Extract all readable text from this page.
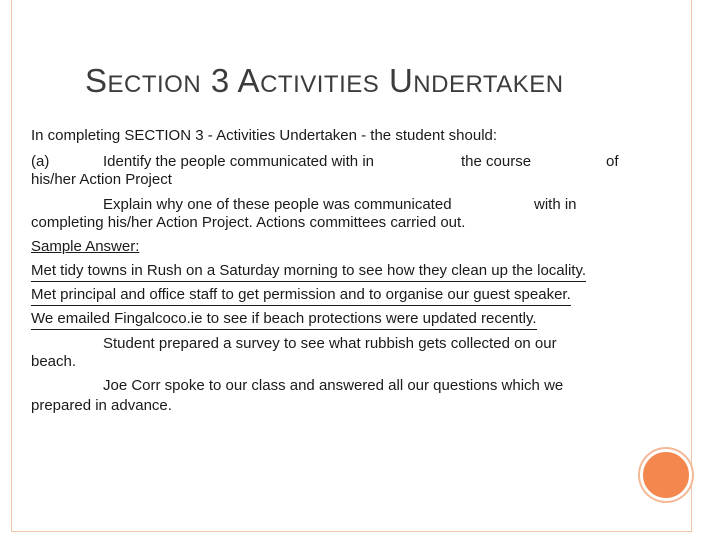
SECTION 3 ACTIVITIES UNDERTAKEN
In completing SECTION 3 - Activities Undertaken - the student should:
(a)	Identify the people communicated with in	the course	of
his/her Action Project
Explain why one of these people was communicated	with in
completing his/her Action Project. Actions committees carried out.
Sample Answer:
Met tidy towns in Rush on a Saturday morning to see how they clean up the locality.
Met principal and office staff to get permission and to organise our guest speaker.
We emailed Fingalcoco.ie to see if beach protections were updated recently.
Student prepared a survey to see what rubbish gets collected on our
beach.
Joe Corr spoke to our class and answered all our questions which we
prepared in advance.
